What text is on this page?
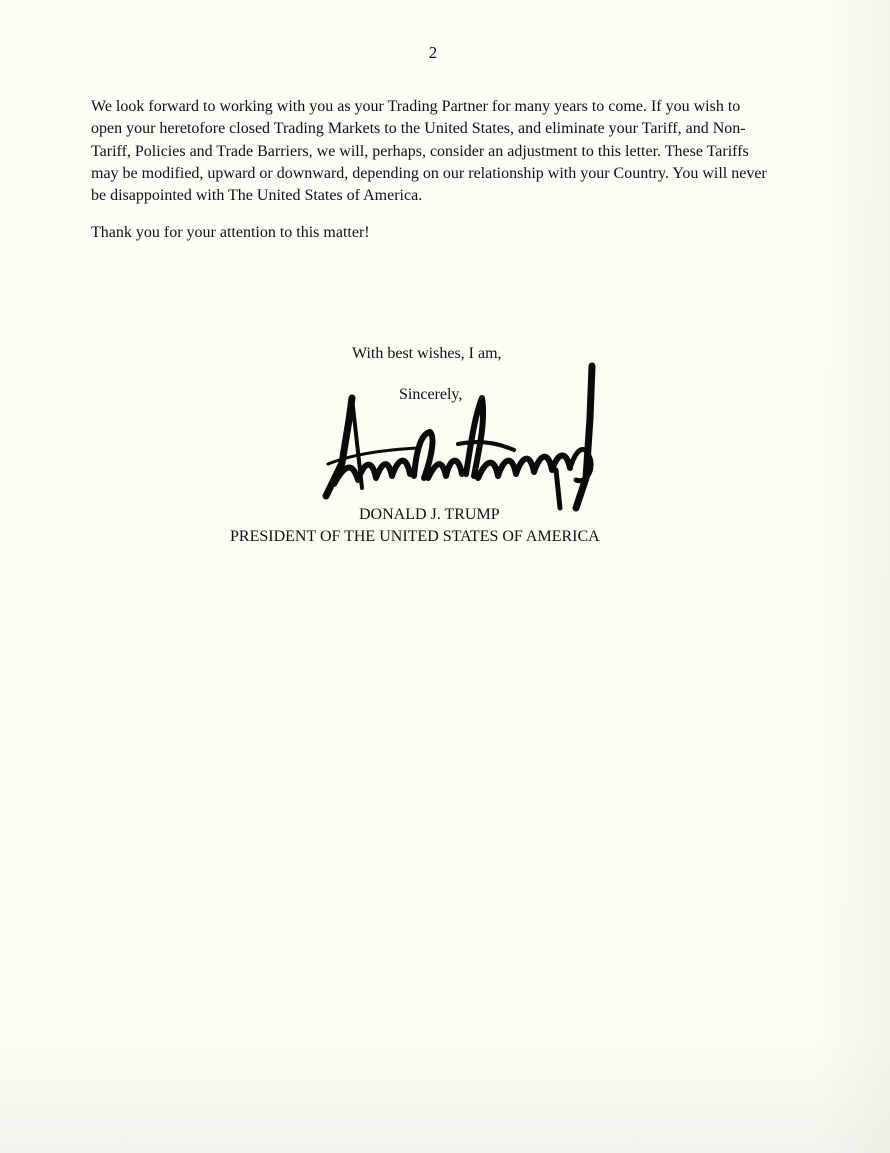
2

We look forward to working with you as your Trading Partner for many years to come. If you wish to open your heretofore closed Trading Markets to the United States, and eliminate your Tariff, and Non-Tariff, Policies and Trade Barriers, we will, perhaps, consider an adjustment to this letter. These Tariffs may be modified, upward or downward, depending on our relationship with your Country. You will never be disappointed with The United States of America.

Thank you for your attention to this matter!

With best wishes, I am,
Sincerely,
DONALD J. TRUMP
PRESIDENT OF THE UNITED STATES OF AMERICA
